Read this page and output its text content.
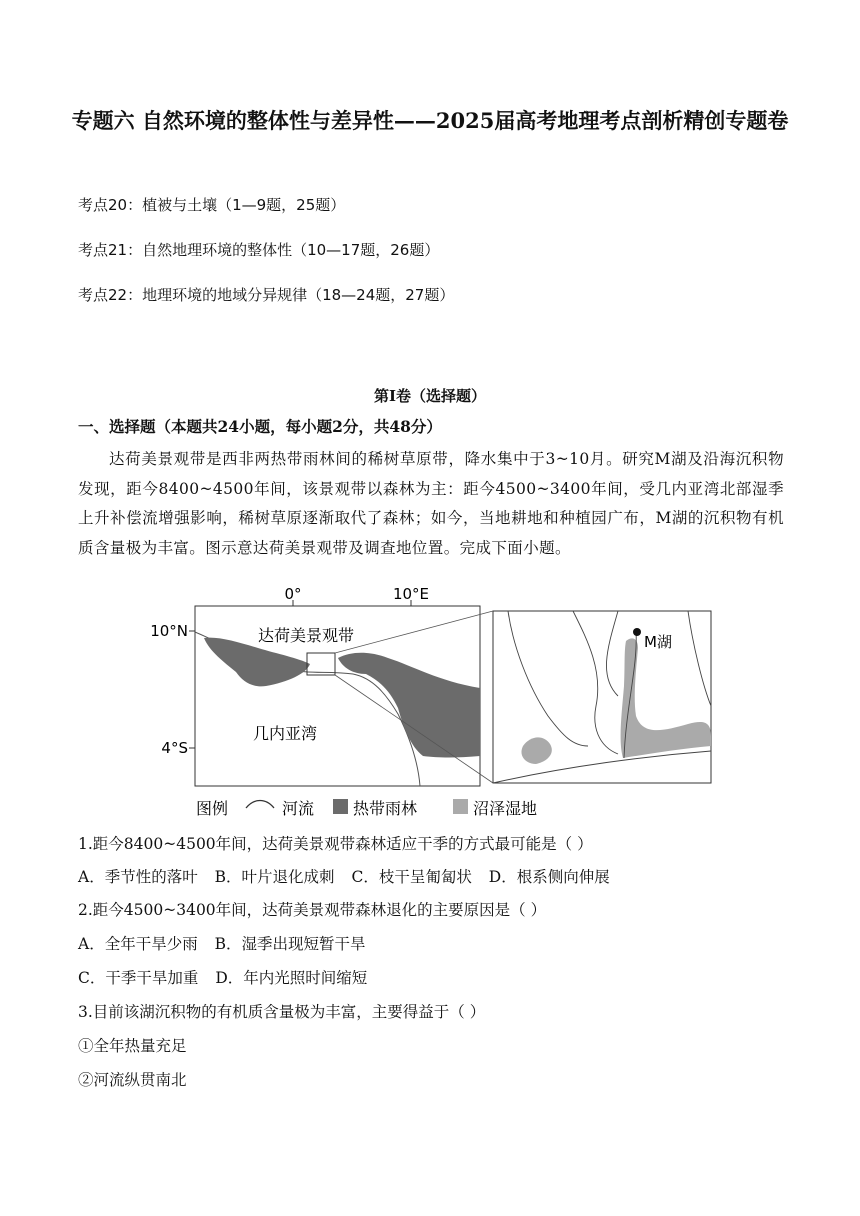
专题六 自然环境的整体性与差异性——2025届高考地理考点剖析精创专题卷
考点20：植被与土壤（1—9题，25题）
考点21：自然地理环境的整体性（10—17题，26题）
考点22：地理环境的地域分异规律（18—24题，27题）
第I卷（选择题）
一、选择题（本题共24小题，每小题2分，共48分）
达荷美景观带是西非两热带雨林间的稀树草原带，降水集中于3~10月。研究M湖及沿海沉积物发现，距今8400~4500年间，该景观带以森林为主：距今4500~3400年间，受几内亚湾北部湿季上升补偿流增强影响，稀树草原逐渐取代了森林；如今，当地耕地和种植园广布，M湖的沉积物有机质含量极为丰富。图示意达荷美景观带及调查地位置。完成下面小题。
0°	10°E
10°N
4°S
达荷美景观带
几内亚湾
M湖
图例	河流 热带雨林	沼泽湿地
1.距今8400~4500年间，达荷美景观带森林适应干季的方式最可能是（ ）
A．季节性的落叶 B．叶片退化成刺 C．枝干呈匍匐状 D．根系侧向伸展
2.距今4500~3400年间，达荷美景观带森林退化的主要原因是（ ）
A．全年干旱少雨 B．湿季出现短暂干旱
C．干季干旱加重 D．年内光照时间缩短
3.目前该湖沉积物的有机质含量极为丰富，主要得益于（ ）
①全年热量充足
②河流纵贯南北
